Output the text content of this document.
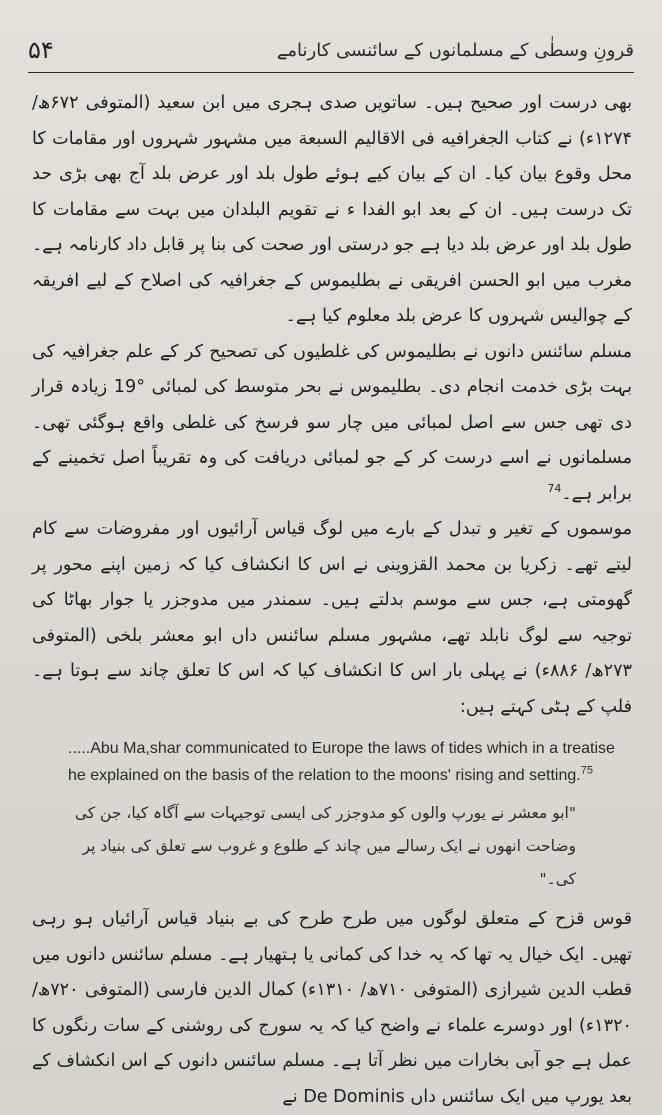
۵۴	قرونِ وسطٰی کے مسلمانوں کے سائنسی کارنامے

بھی درست اور صحیح ہیں۔ ساتویں صدی ہجری میں ابن سعید (المتوفی ۶۷۲ھ/ ۱۲۷۴ء) نے کتاب الجغرافیه فی الاقالیم السبعة میں مشہور شہروں اور مقامات کا محل وقوع بیان کیا۔ ان کے بیان کیے ہوئے طول بلد اور عرض بلد آج بھی بڑی حد تک درست ہیں۔ ان کے بعد ابو الفدا ء نے تقویم البلدان میں بہت سے مقامات کا طول بلد اور عرض بلد دیا ہے جو درستی اور صحت کی بنا پر قابل داد کارنامہ ہے۔ مغرب میں ابو الحسن افریقی نے بطلیموس کے جغرافیہ کی اصلاح کے لیے افریقہ کے چوالیس شہروں کا عرض بلد معلوم کیا ہے۔

مسلم سائنس دانوں نے بطلیموس کی غلطیوں کی تصحیح کر کے علم جغرافیہ کی بہت بڑی خدمت انجام دی۔ بطلیموس نے بحر متوسط کی لمبائی °19 زیادہ قرار دی تھی جس سے اصل لمبائی میں چار سو فرسخ کی غلطی واقع ہوگئی تھی۔ مسلمانوں نے اسے درست کر کے جو لمبائی دریافت کی وہ تقریباً اصل تخمینے کے برابر ہے۔$^{74}$

موسموں کے تغیر و تبدل کے بارے میں لوگ قیاس آرائیوں اور مفروضات سے کام لیتے تھے۔ زکریا بن محمد القزوینی نے اس کا انکشاف کیا کہ زمین اپنے محور پر گھومتی ہے، جس سے موسم بدلتے ہیں۔ سمندر میں مدوجزر یا جوار بھاٹا کی توجیہ سے لوگ نابلد تھے، مشہور مسلم سائنس داں ابو معشر بلخی (المتوفی ۲۷۳ھ/ ۸۸۶ء) نے پہلی بار اس کا انکشاف کیا کہ اس کا تعلق چاند سے ہوتا ہے۔ فلپ کے ہٹی کہتے ہیں:

.....Abu Ma,shar communicated to Europe the laws of tides which in a treatise he explained on the basis of the relation to the moons' rising and setting.$^{75}$
"ابو معشر نے یورپ والوں کو مدوجزر کی ایسی توجیہات سے آگاہ کیا، جن کی وضاحت انھوں نے ایک رسالے میں چاند کے طلوع و غروب سے تعلق کی بنیاد پر کی۔"

قوس قزح کے متعلق لوگوں میں طرح طرح کی بے بنیاد قیاس آرائیاں ہو رہی تھیں۔ ایک خیال یہ تھا کہ یہ خدا کی کمانی یا ہتھیار ہے۔ مسلم سائنس دانوں میں قطب الدین شیرازی (المتوفی ۷۱۰ھ/ ۱۳۱۰ء) کمال الدین فارسی (المتوفی ۷۲۰ھ/ ۱۳۲۰ء) اور دوسرے علماء نے واضح کیا کہ یہ سورج کی روشنی کے سات رنگوں کا عمل ہے جو آبی بخارات میں نظر آتا ہے۔ مسلم سائنس دانوں کے اس انکشاف کے بعد یورپ میں ایک سائنس داں De Dominis نے
